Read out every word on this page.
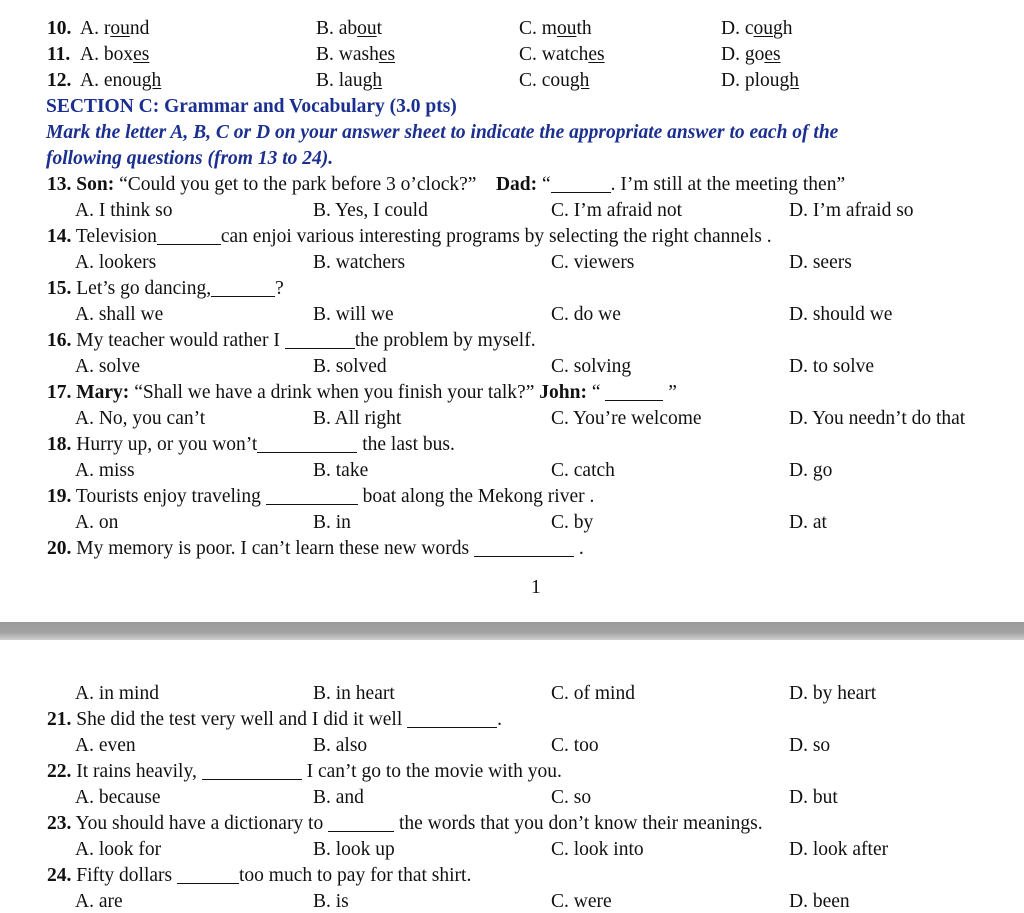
10. A. round	B. about	C. mouth	D. cough
11. A. boxes	B. washes	C. watches	D. goes
12. A. enough	B. laugh	C. cough	D. plough
SECTION C: Grammar and Vocabulary (3.0 pts)
Mark the letter A, B, C or D on your answer sheet to indicate the appropriate answer to each of the
following questions (from 13 to 24).
13. Son: “Could you get to the park before 3 o’clock?” Dad: “	. I’m still at the meeting then”
A. I think so	B. Yes, I could	C. I’m afraid not	D. I’m afraid so
14. Television	can enjoi various interesting programs by selecting the right channels .
A. lookers	B. watchers	C. viewers	D. seers
15. Let’s go dancing,	?
A. shall we	B. will we	C. do we	D. should we
16. My teacher would rather I	the problem by myself.
A. solve	B. solved	C. solving	D. to solve
17. Mary: “Shall we have a drink when you finish your talk?” John: “	”
A. No, you can’t	B. All right	C. You’re welcome	D. You needn’t do that
18. Hurry up, or you won’t	the last bus.
A. miss	B. take	C. catch	D. go
19. Tourists enjoy traveling	boat along the Mekong river .
A. on	B. in	C. by	D. at
20. My memory is poor. I can’t learn these new words	.
1
A. in mind	B. in heart	C. of mind	D. by heart
21. She did the test very well and I did it well	.
A. even	B. also	C. too	D. so
22. It rains heavily,	I can’t go to the movie with you.
A. because	B. and	C. so	D. but
23. You should have a dictionary to	the words that you don’t know their meanings.
A. look for	B. look up	C. look into	D. look after
24. Fifty dollars	too much to pay for that shirt.
A. are	B. is	C. were	D. been
